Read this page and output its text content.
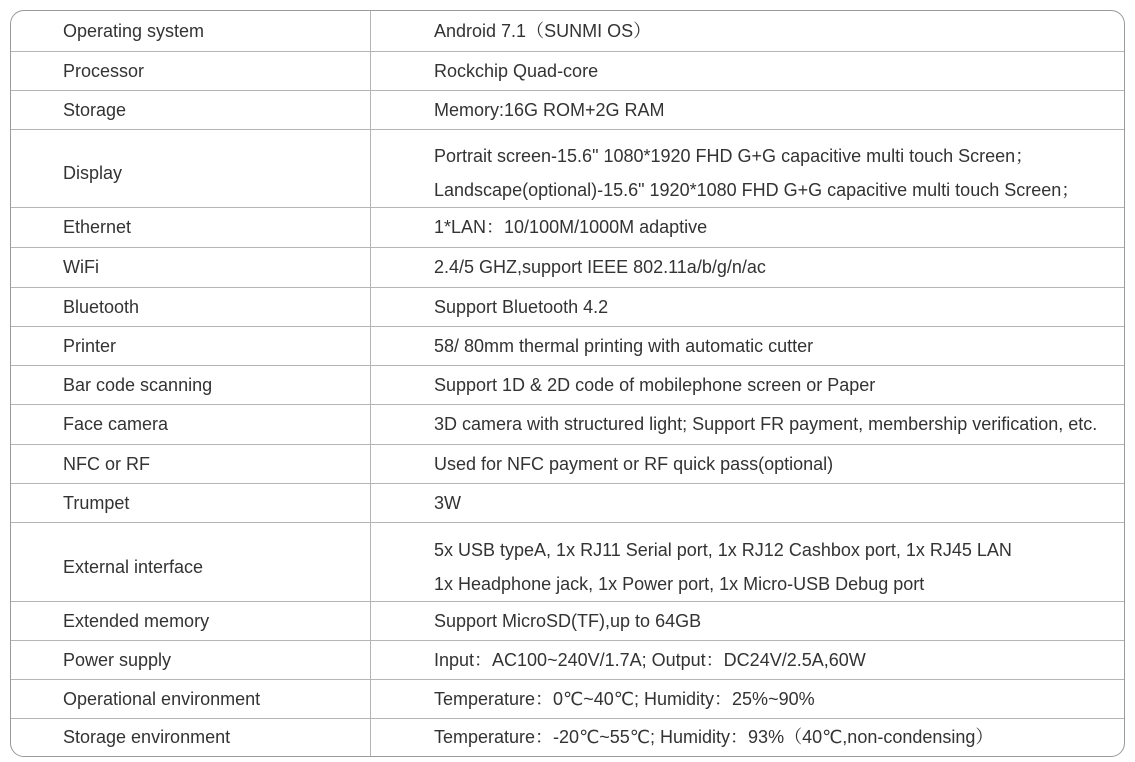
Operating system	Android 7.1（SUNMI OS）
Processor	Rockchip Quad-core
Storage	Memory:16G ROM+2G RAM
Display	Portrait screen-15.6" 1080*1920 FHD G+G capacitive multi touch Screen；
Landscape(optional)-15.6" 1920*1080 FHD G+G capacitive multi touch Screen；

Ethernet	1*LAN：10/100M/1000M adaptive
WiFi	2.4/5 GHZ,support IEEE 802.11a/b/g/n/ac
Bluetooth	Support Bluetooth 4.2
Printer	58/ 80mm thermal printing with automatic cutter
Bar code scanning	Support 1D & 2D code of mobilephone screen or Paper
Face camera	3D camera with structured light; Support FR payment, membership verification, etc.
NFC or RF	Used for NFC payment or RF quick pass(optional)
Trumpet	3W
External interface	5x USB typeA, 1x RJ11 Serial port, 1x RJ12 Cashbox port, 1x RJ45 LAN
1x Headphone jack, 1x Power port, 1x Micro-USB Debug port

Extended memory	Support MicroSD(TF),up to 64GB
Power supply	Input：AC100~240V/1.7A; Output：DC24V/2.5A,60W
Operational environment	Temperature：0℃~40℃; Humidity：25%~90%
Storage environment	Temperature：-20℃~55℃; Humidity：93%（40℃,non-condensing）
